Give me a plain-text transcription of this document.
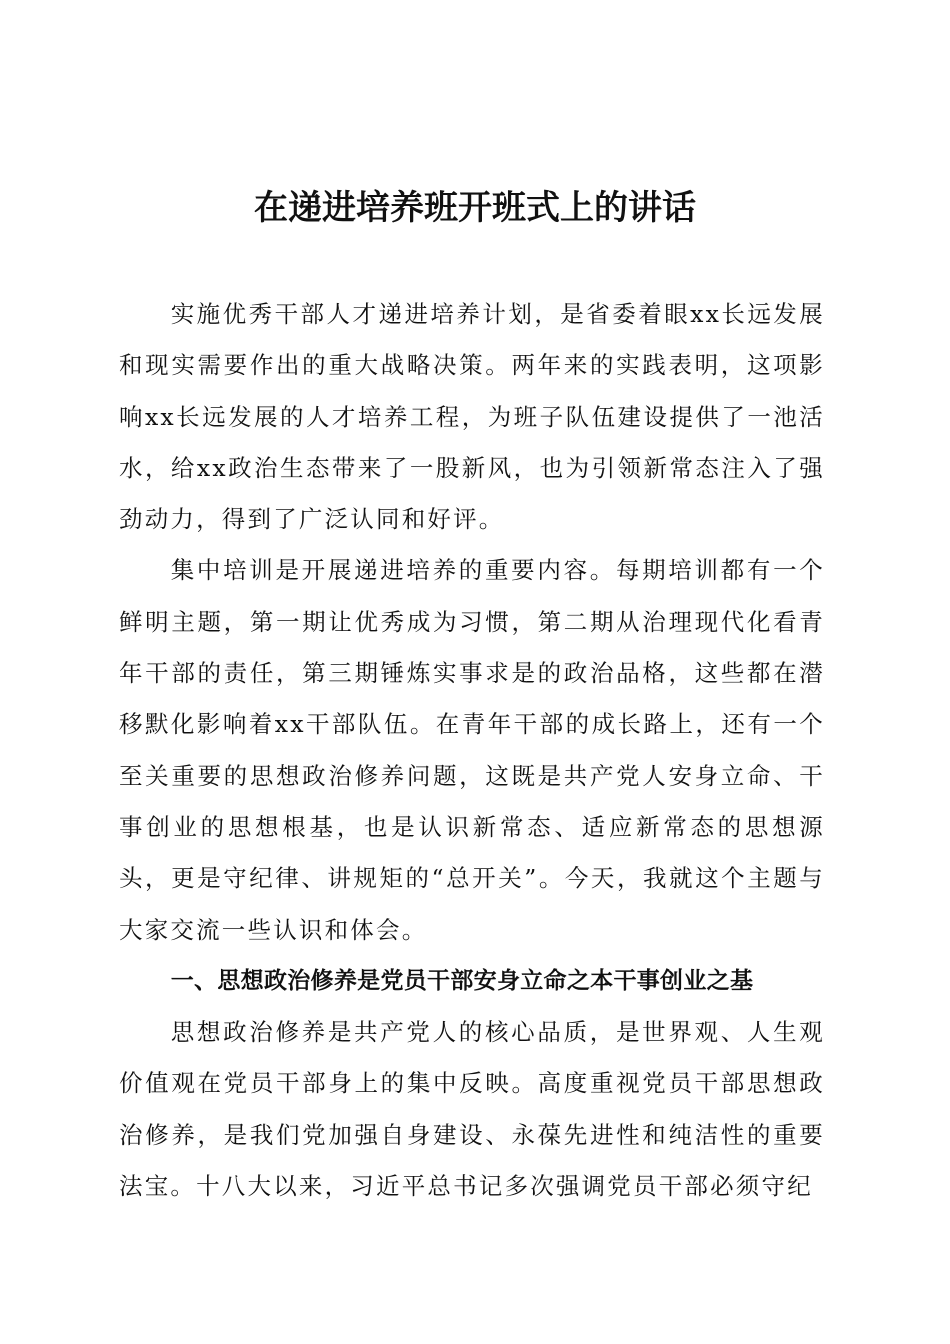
在递进培养班开班式上的讲话

实施优秀干部人才递进培养计划，是省委着眼xx长远发展和现实需要作出的重大战略决策。两年来的实践表明，这项影响xx长远发展的人才培养工程，为班子队伍建设提供了一池活水，给xx政治生态带来了一股新风，也为引领新常态注入了强劲动力，得到了广泛认同和好评。

集中培训是开展递进培养的重要内容。每期培训都有一个鲜明主题，第一期让优秀成为习惯，第二期从治理现代化看青年干部的责任，第三期锤炼实事求是的政治品格，这些都在潜移默化影响着xx干部队伍。在青年干部的成长路上，还有一个至关重要的思想政治修养问题，这既是共产党人安身立命、干事创业的思想根基，也是认识新常态、适应新常态的思想源头，更是守纪律、讲规矩的“总开关”。今天，我就这个主题与大家交流一些认识和体会。

一、思想政治修养是党员干部安身立命之本干事创业之基

思想政治修养是共产党人的核心品质，是世界观、人生观价值观在党员干部身上的集中反映。高度重视党员干部思想政治修养，是我们党加强自身建设、永葆先进性和纯洁性的重要法宝。十八大以来，习近平总书记多次强调党员干部必须守纪
